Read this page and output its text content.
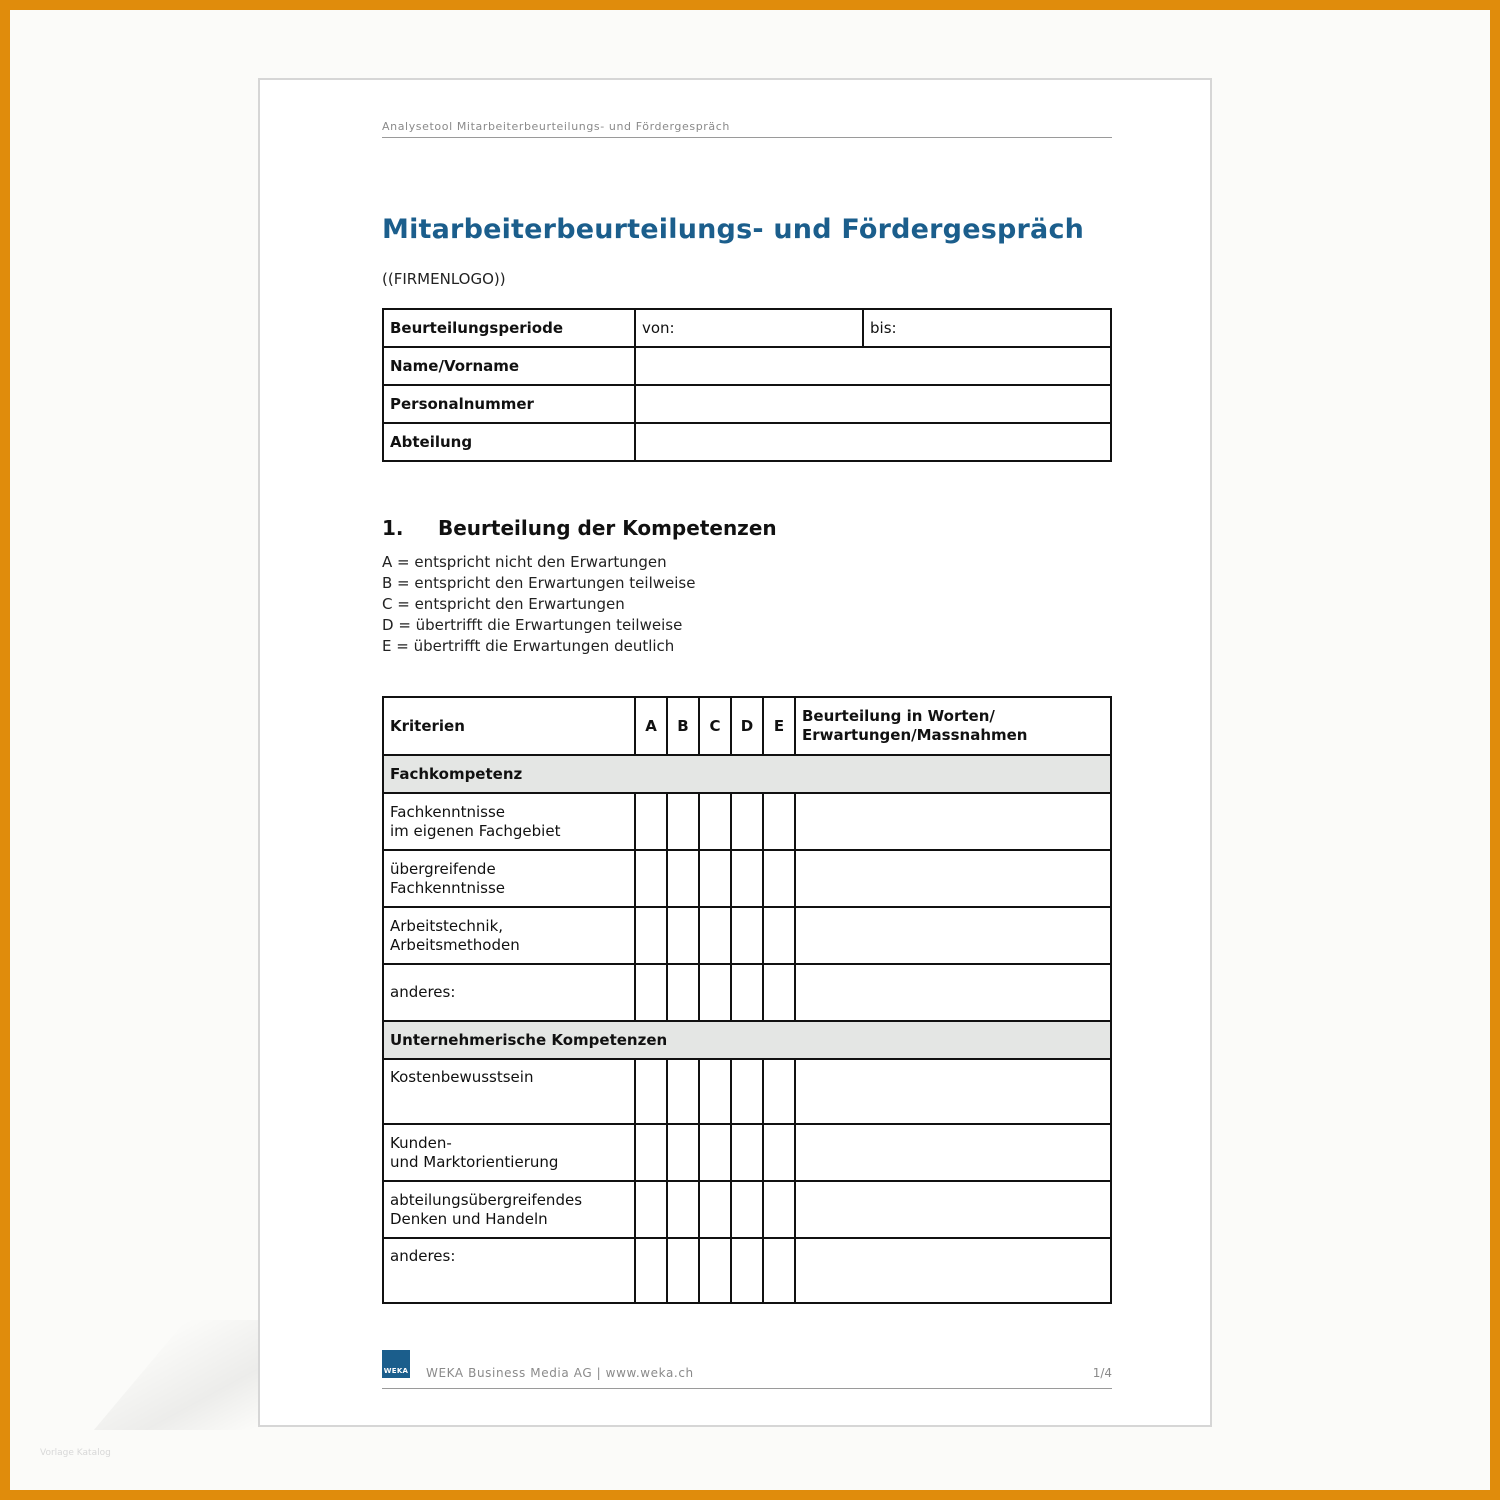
Analysetool Mitarbeiterbeurteilungs- und Fördergespräch
Mitarbeiterbeurteilungs- und Fördergespräch
((FIRMENLOGO))
Beurteilungsperiode	von:	bis:
Name/Vorname		
Personalnummer		
Abteilung		
1. Beurteilung der Kompetenzen
A = entspricht nicht den Erwartungen
B = entspricht den Erwartungen teilweise
C = entspricht den Erwartungen
D = übertrifft die Erwartungen teilweise
E = übertrifft die Erwartungen deutlich
Kriterien	A	B	C	D	E	Beurteilung in Worten/
Erwartungen/Massnahmen

Fachkompetenz						

Fachkenntnisse
im eigenen Fachgebiet						

übergreifende
Fachkenntnisse						

Arbeitstechnik,
Arbeitsmethoden						

anderes:						

Unternehmerische Kompetenzen						

Kostenbewusstsein						

Kunden-
und Marktorientierung						

abteilungsübergreifendes
Denken und Handeln						

anderes:						

WEKA WEKA Business Media AG | www.weka.ch	1/4
Vorlage Katalog
